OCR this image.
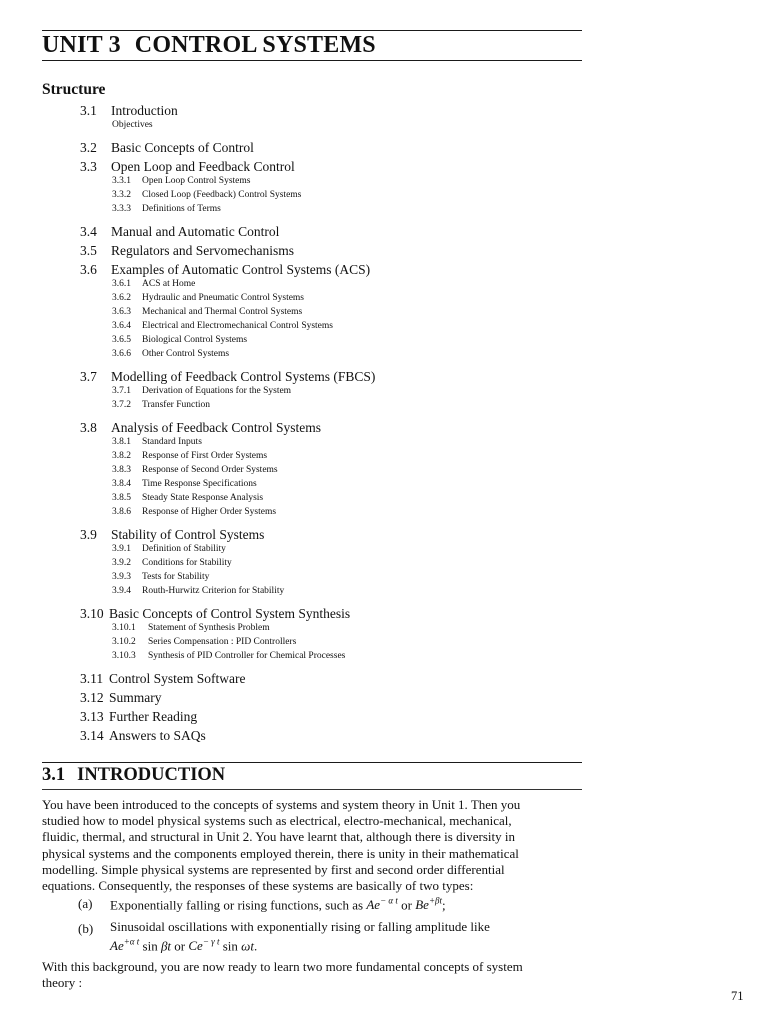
UNIT 3 CONTROL SYSTEMS
Structure
3.1 Introduction
Objectives
3.2 Basic Concepts of Control
3.3 Open Loop and Feedback Control
3.3.1 Open Loop Control Systems
3.3.2 Closed Loop (Feedback) Control Systems
3.3.3 Definitions of Terms
3.4 Manual and Automatic Control
3.5 Regulators and Servomechanisms
3.6 Examples of Automatic Control Systems (ACS)
3.6.1 ACS at Home
3.6.2 Hydraulic and Pneumatic Control Systems
3.6.3 Mechanical and Thermal Control Systems
3.6.4 Electrical and Electromechanical Control Systems
3.6.5 Biological Control Systems
3.6.6 Other Control Systems
3.7 Modelling of Feedback Control Systems (FBCS)
3.7.1 Derivation of Equations for the System
3.7.2 Transfer Function
3.8 Analysis of Feedback Control Systems
3.8.1 Standard Inputs
3.8.2 Response of First Order Systems
3.8.3 Response of Second Order Systems
3.8.4 Time Response Specifications
3.8.5 Steady State Response Analysis
3.8.6 Response of Higher Order Systems
3.9 Stability of Control Systems
3.9.1 Definition of Stability
3.9.2 Conditions for Stability
3.9.3 Tests for Stability
3.9.4 Routh-Hurwitz Criterion for Stability
3.10 Basic Concepts of Control System Synthesis
3.10.1 Statement of Synthesis Problem
3.10.2 Series Compensation : PID Controllers
3.10.3 Synthesis of PID Controller for Chemical Processes
3.11 Control System Software
3.12 Summary
3.13 Further Reading
3.14 Answers to SAQs
3.1 INTRODUCTION
You have been introduced to the concepts of systems and system theory in Unit 1. Then you
studied how to model physical systems such as electrical, electro-mechanical, mechanical,
fluidic, thermal, and structural in Unit 2. You have learnt that, although there is diversity in
physical systems and the components employed therein, there is unity in their mathematical
modelling. Simple physical systems are represented by first and second order differential
equations. Consequently, the responses of these systems are basically of two types:
(a) Exponentially falling or rising functions, such as $Ae^{- \alpha t}$ or $Be^{+\beta t}$;
(b) Sinusoidal oscillations with exponentially rising or falling amplitude like
$Ae^{+\alpha t}$ sin βt or $Ce^{- \gamma t}$ sin ωt.
With this background, you are now ready to learn two more fundamental concepts of system
theory :
71
